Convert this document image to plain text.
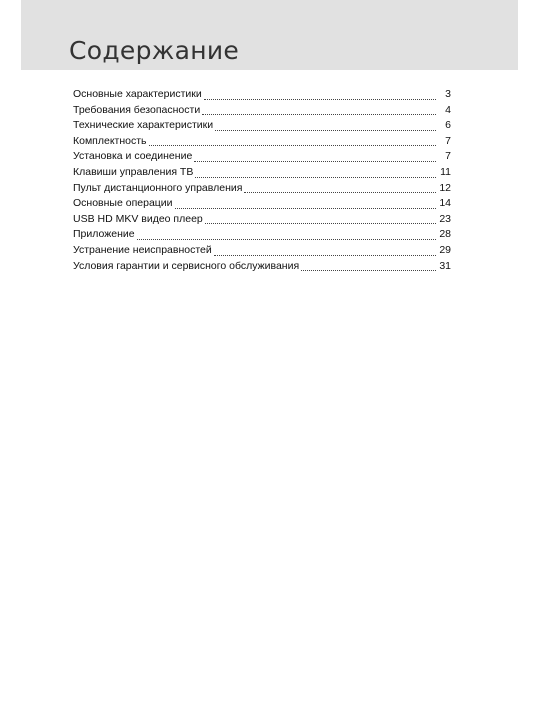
Содержание
Основные характеристики	3
Требования безопасности	4
Технические характеристики	6
Комплектность	7
Установка и соединение	7
Клавиши управления ТВ	11
Пульт дистанционного управления	12
Основные операции	14
USB HD MKV видео плеер	23
Приложение	28
Устранение неисправностей	29
Условия гарантии и сервисного обслуживания	31
